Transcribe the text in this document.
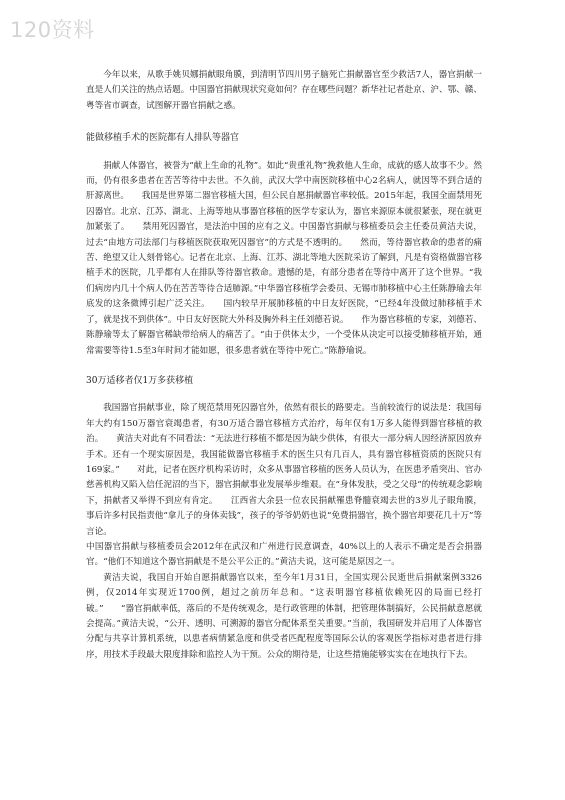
120资料

今年以来，从歌手姚贝娜捐献眼角膜，到清明节四川男子脑死亡捐献器官至少救活7人，器官捐献一直是人们关注的热点话题。中国器官捐献现状究竟如何？存在哪些问题？新华社记者赴京、沪、鄂、赣、粤等省市调查，试图解开器官捐献之惑。

能做移植手术的医院都有人排队等器官

捐献人体器官，被誉为“献上生命的礼物”。如此“贵重礼物”挽救他人生命，成就的感人故事不少。然而，仍有很多患者在苦苦等待中去世。不久前，武汉大学中南医院移植中心2名病人，就因等不到合适的肝源离世。　　我国是世界第二器官移植大国，但公民自愿捐献器官率较低。2015年起，我国全面禁用死囚器官。北京、江苏、湖北、上海等地从事器官移植的医学专家认为，器官来源原本就很紧张，现在就更加紧张了。　　禁用死囚器官，是法治中国的应有之义。中国器官捐献与移植委员会主任委员黄洁夫说，过去“由地方司法部门与移植医院获取死囚器官”的方式是不透明的。　　然而，等待器官救命的患者的痛苦、绝望又让人刻骨铭心。记者在北京、上海、江苏、湖北等地大医院采访了解到，凡是有资格做器官移植手术的医院，几乎都有人在排队等待器官救命。遗憾的是，有部分患者在等待中离开了这个世界。“我们病房内几十个病人仍在苦苦等待合适肺源。”中华器官移植学会委员、无锡市肺移植中心主任陈静瑜去年底发的这条微博引起广泛关注。　　国内较早开展肺移植的中日友好医院，“已经4年没做过肺移植手术了，就是找不到供体”。中日友好医院大外科及胸外科主任刘德若说。　　作为器官移植的专家，刘德若、陈静瑜等太了解器官稀缺带给病人的痛苦了。“由于供体太少，一个受体从决定可以接受肺移植开始，通常需要等待1.5至3年时间才能如愿，很多患者就在等待中死亡。”陈静瑜说。

30万适移者仅1万多获移植

我国器官捐献事业，除了规范禁用死囚器官外，依然有很长的路要走。当前较流行的说法是：我国每年大约有150万器官衰竭患者，有30万适合器官移植方式治疗，每年仅有1万多人能得到器官移植的救治。　　黄洁夫对此有不同看法：“无法进行移植不都是因为缺少供体，有很大一部分病人因经济原因放弃手术。还有一个现实原因是，我国能做器官移植手术的医生只有几百人，具有器官移植资质的医院只有169家。”　　对此，记者在医疗机构采访时，众多从事器官移植的医务人员认为，在医患矛盾突出、官办慈善机构又陷入信任泥沼的当下，器官捐献事业发展举步维艰。在“身体发肤，受之父母”的传统观念影响下，捐献者又举得不到应有肯定。　　江西省大余县一位农民捐献罹患脊髓衰竭去世的3岁儿子眼角膜，事后许多村民指责他“拿儿子的身体卖钱”，孩子的爷爷奶奶也说“免费捐器官，换个器官却要花几十万”等言论。

中国器官捐献与移植委员会2012年在武汉和广州进行民意调查，40%以上的人表示不确定是否会捐器官。“他们不知道这个器官捐献是不是公平公正的。”黄洁夫说，这可能是原因之一。

黄洁夫说，我国自开始自愿捐献器官以来，至今年1月31日，全国实现公民逝世后捐献案例3326例，仅2014年实现近1700例，超过之前历年总和。“这表明器官移植依赖死囚的局面已经打破。”　　“器官捐献率低，落后的不是传统观念，是行政管理的体制，把管理体制搞好，公民捐献意愿就会提高。”黄洁夫说，“公开、透明、可溯源的器官分配体系至关重要。”当前，我国研发并启用了人体器官分配与共享计算机系统，以患者病情紧急度和供受者匹配程度等国际公认的客观医学指标对患者进行排序，用技术手段最大限度排除和监控人为干预。公众的期待是，让这些措施能够实实在在地执行下去。
